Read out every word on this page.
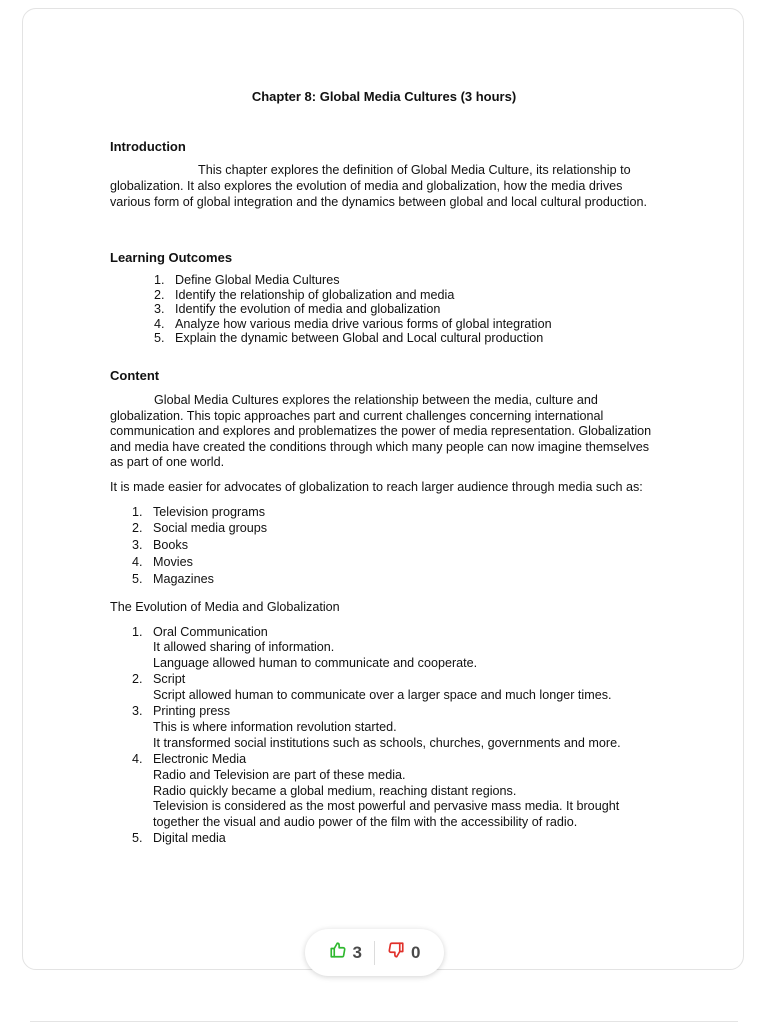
Chapter 8: Global Media Cultures (3 hours)
Introduction

This chapter explores the definition of Global Media Culture, its relationship to globalization. It also explores the evolution of media and globalization, how the media drives various form of global integration and the dynamics between global and local cultural production.

Learning Outcomes
1. Define Global Media Cultures
2. Identify the relationship of globalization and media
3. Identify the evolution of media and globalization
4. Analyze how various media drive various forms of global integration
5. Explain the dynamic between Global and Local cultural production
Content

Global Media Cultures explores the relationship between the media, culture and globalization. This topic approaches part and current challenges concerning international communication and explores and problematizes the power of media representation. Globalization and media have created the conditions through which many people can now imagine themselves as part of one world.

It is made easier for advocates of globalization to reach larger audience through media such as:

1. Television programs
2. Social media groups
3. Books
4. Movies
5. Magazines

The Evolution of Media and Globalization

1. Oral Communication
It allowed sharing of information.
Language allowed human to communicate and cooperate.
2. Script
Script allowed human to communicate over a larger space and much longer times.
3. Printing press
This is where information revolution started.
It transformed social institutions such as schools, churches, governments and more.
4. Electronic Media
Radio and Television are part of these media.
Radio quickly became a global medium, reaching distant regions.
Television is considered as the most powerful and pervasive mass media. It brought together the visual and audio power of the film with the accessibility of radio.
5. Digital media
3	0
